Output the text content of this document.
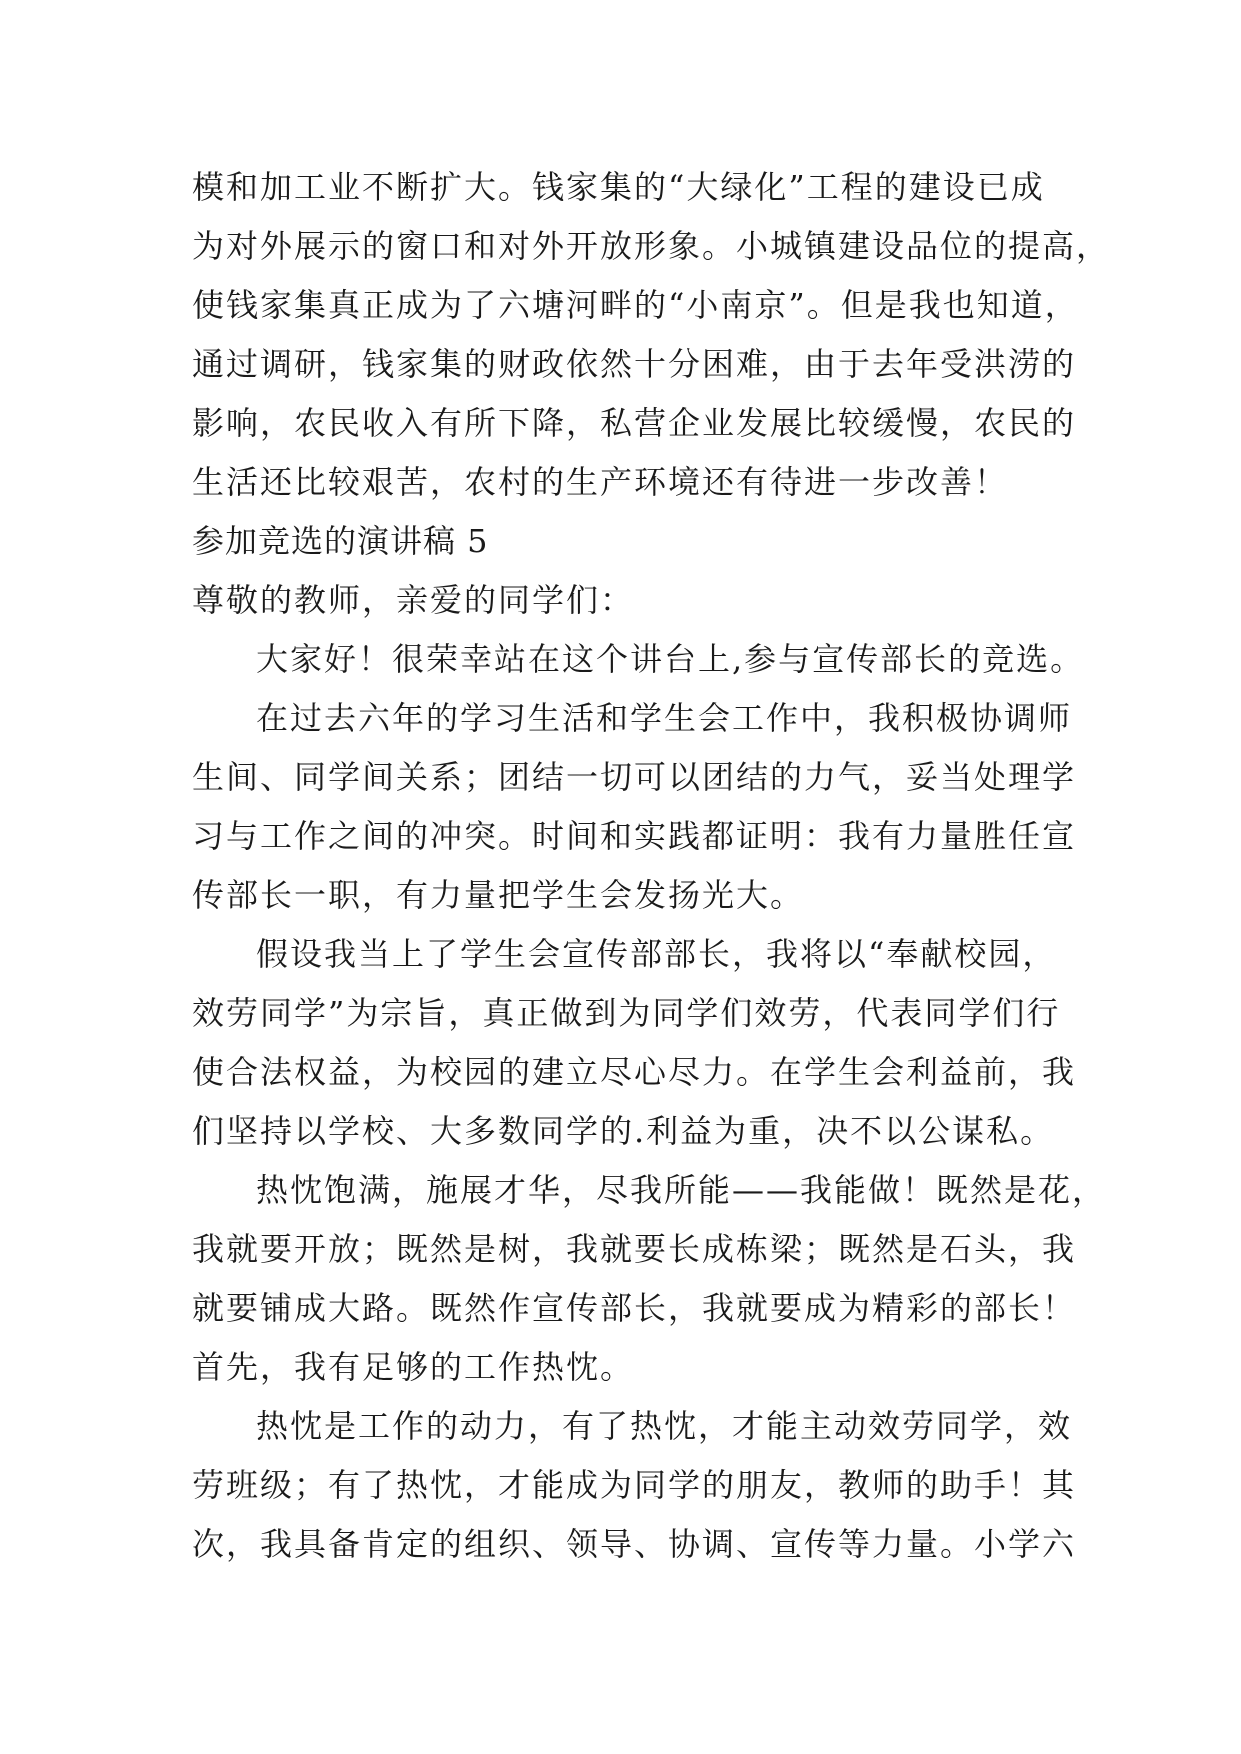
模和加工业不断扩大。钱家集的“大绿化”工程的建设已成
为对外展示的窗口和对外开放形象。小城镇建设品位的提高，
使钱家集真正成为了六塘河畔的“小南京”。但是我也知道，
通过调研，钱家集的财政依然十分困难，由于去年受洪涝的
影响，农民收入有所下降，私营企业发展比较缓慢，农民的
生活还比较艰苦，农村的生产环境还有待进一步改善！
参加竞选的演讲稿 5
尊敬的教师，亲爱的同学们：
大家好！很荣幸站在这个讲台上,参与宣传部长的竞选。
在过去六年的学习生活和学生会工作中，我积极协调师
生间、同学间关系；团结一切可以团结的力气，妥当处理学
习与工作之间的冲突。时间和实践都证明：我有力量胜任宣
传部长一职，有力量把学生会发扬光大。
假设我当上了学生会宣传部部长，我将以“奉献校园，
效劳同学”为宗旨，真正做到为同学们效劳，代表同学们行
使合法权益，为校园的建立尽心尽力。在学生会利益前，我
们坚持以学校、大多数同学的.利益为重，决不以公谋私。
热忱饱满，施展才华，尽我所能——我能做！既然是花，
我就要开放；既然是树，我就要长成栋梁；既然是石头，我
就要铺成大路。既然作宣传部长，我就要成为精彩的部长！
首先，我有足够的工作热忱。
热忱是工作的动力，有了热忱，才能主动效劳同学，效
劳班级；有了热忱，才能成为同学的朋友，教师的助手！其
次，我具备肯定的组织、领导、协调、宣传等力量。小学六
